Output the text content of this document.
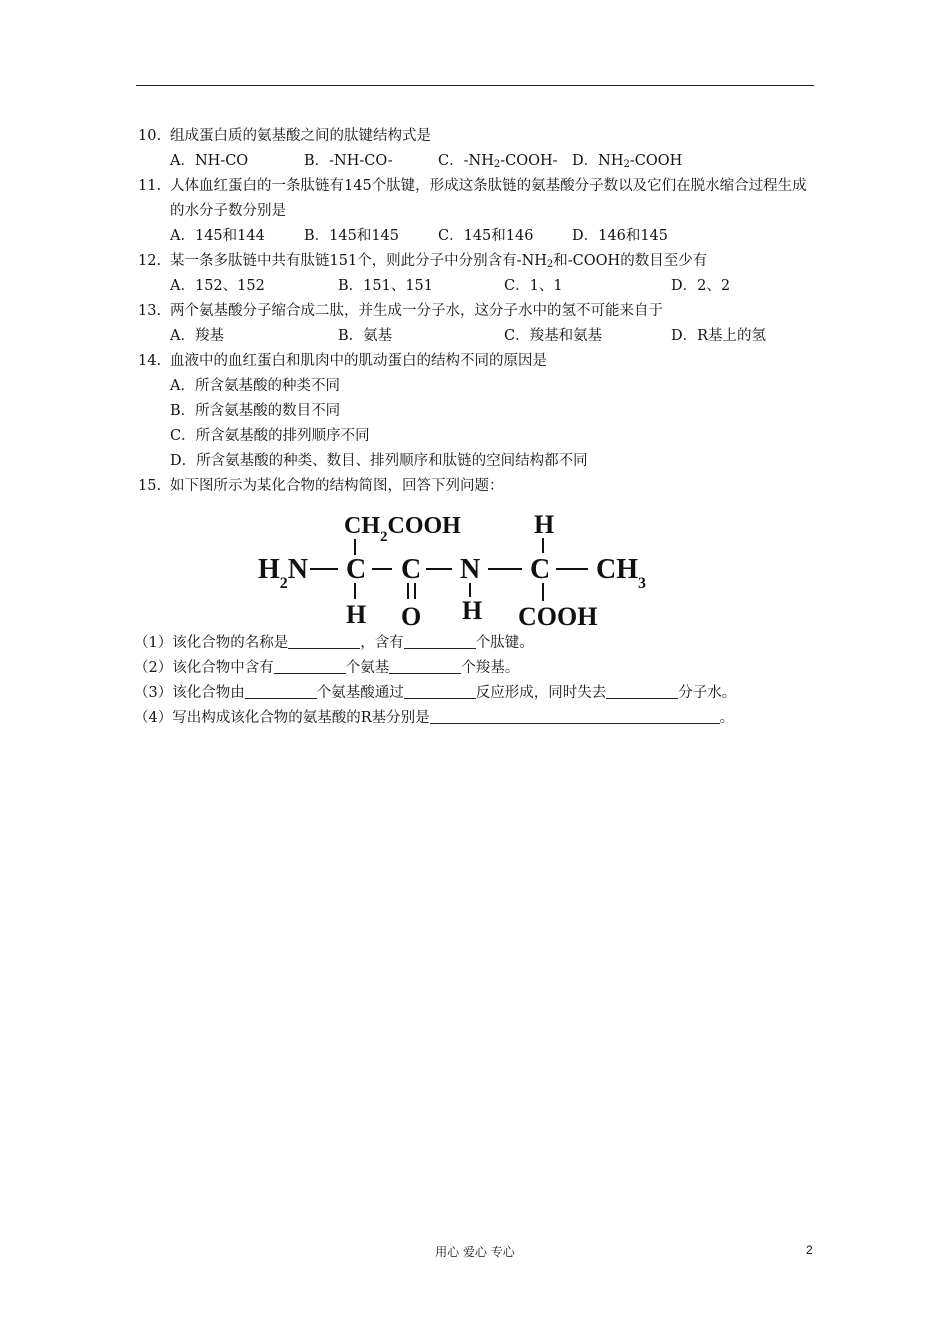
10. 组成蛋白质的氨基酸之间的肽键结构式是
A．NH-CO	B．-NH-CO-	C．$-NH_2-COOH-$ D．$NH_2$-COOH
11. 人体血红蛋白的一条肽链有145个肽键，形成这条肽链的氨基酸分子数以及它们在脱水缩合过程生成的水分子数分别是
A．145和144	B．145和145	C．145和146	D．146和145
12. 某一条多肽链中共有肽链151个，则此分子中分别含有$-NH_2$和-COOH的数目至少有
A．152、152	B．151、151	C．1、1	D．2、2
13. 两个氨基酸分子缩合成二肽，并生成一分子水，这分子水中的氢不可能来自于
A．羧基	B．氨基	C．羧基和氨基	D．R基上的氢
14. 血液中的血红蛋白和肌肉中的肌动蛋白的结构不同的原因是
A．所含氨基酸的种类不同
B．所含氨基酸的数目不同
C．所含氨基酸的排列顺序不同
D．所含氨基酸的种类、数目、排列顺序和肽链的空间结构都不同
15. 如下图所示为某化合物的结构简图，回答下列问题：
$CH_2COOH$
$H_2N$ C C N C $CH_3$
H O H
H
COOH
（1）该化合物的名称是	，含有	个肽键。
（2）该化合物中含有	个氨基	个羧基。
（3）该化合物由	个氨基酸通过	反应形成，同时失去	分子水。
（4）写出构成该化合物的氨基酸的R基分别是	。
用心 爱心 专心	2
